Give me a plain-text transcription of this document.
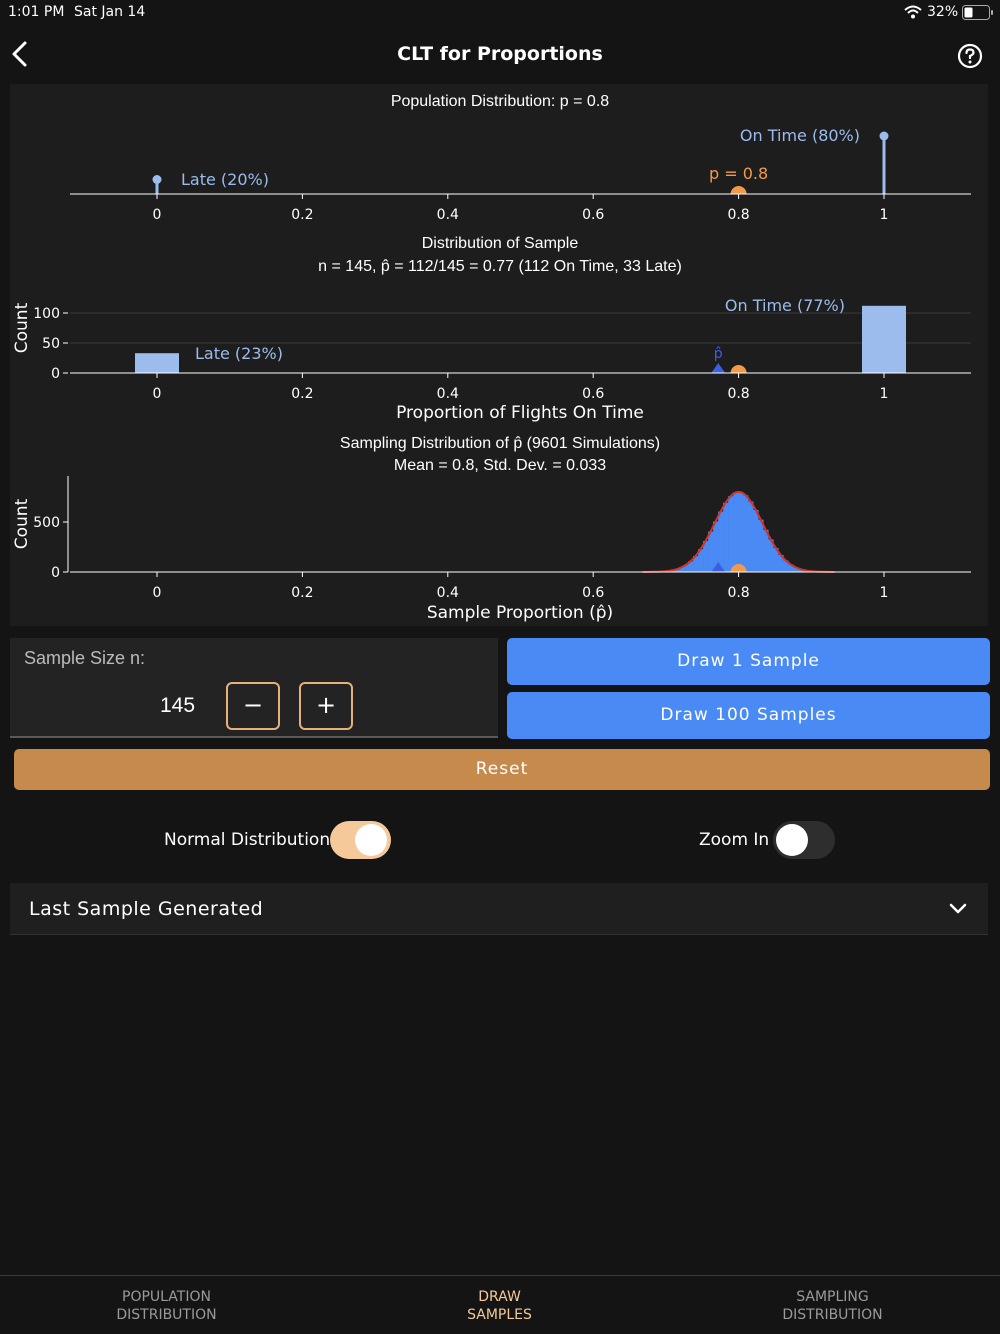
1:01 PM Sat Jan 14	32%
CLT for Proportions
Population Distribution: p = 0.8
Late (20%)
On Time (80%)
p = 0.8
0	0.2	0.4	0.6	0.8	1
Distribution of Sample
n = 145, p̂ = 112/145 = 0.77 (112 On Time, 33 Late)
0
50
100
Late (23%)
On Time (77%)
p̂
0	0.2	0.4	0.6	0.8	1
Proportion of Flights On Time
Count
Sampling Distribution of p̂ (9601 Simulations)
Mean = 0.8, Std. Dev. = 0.033
0
500
0	0.2	0.4	0.6	0.8	1
Sample Proportion (p̂)
Count
Sample Size n:
145	−	+
Draw 1 Sample
Draw 100 Samples
Reset
Normal Distribution	Zoom In
Last Sample Generated
POPULATION
DISTRIBUTION
DRAW
SAMPLES
SAMPLING
DISTRIBUTION
